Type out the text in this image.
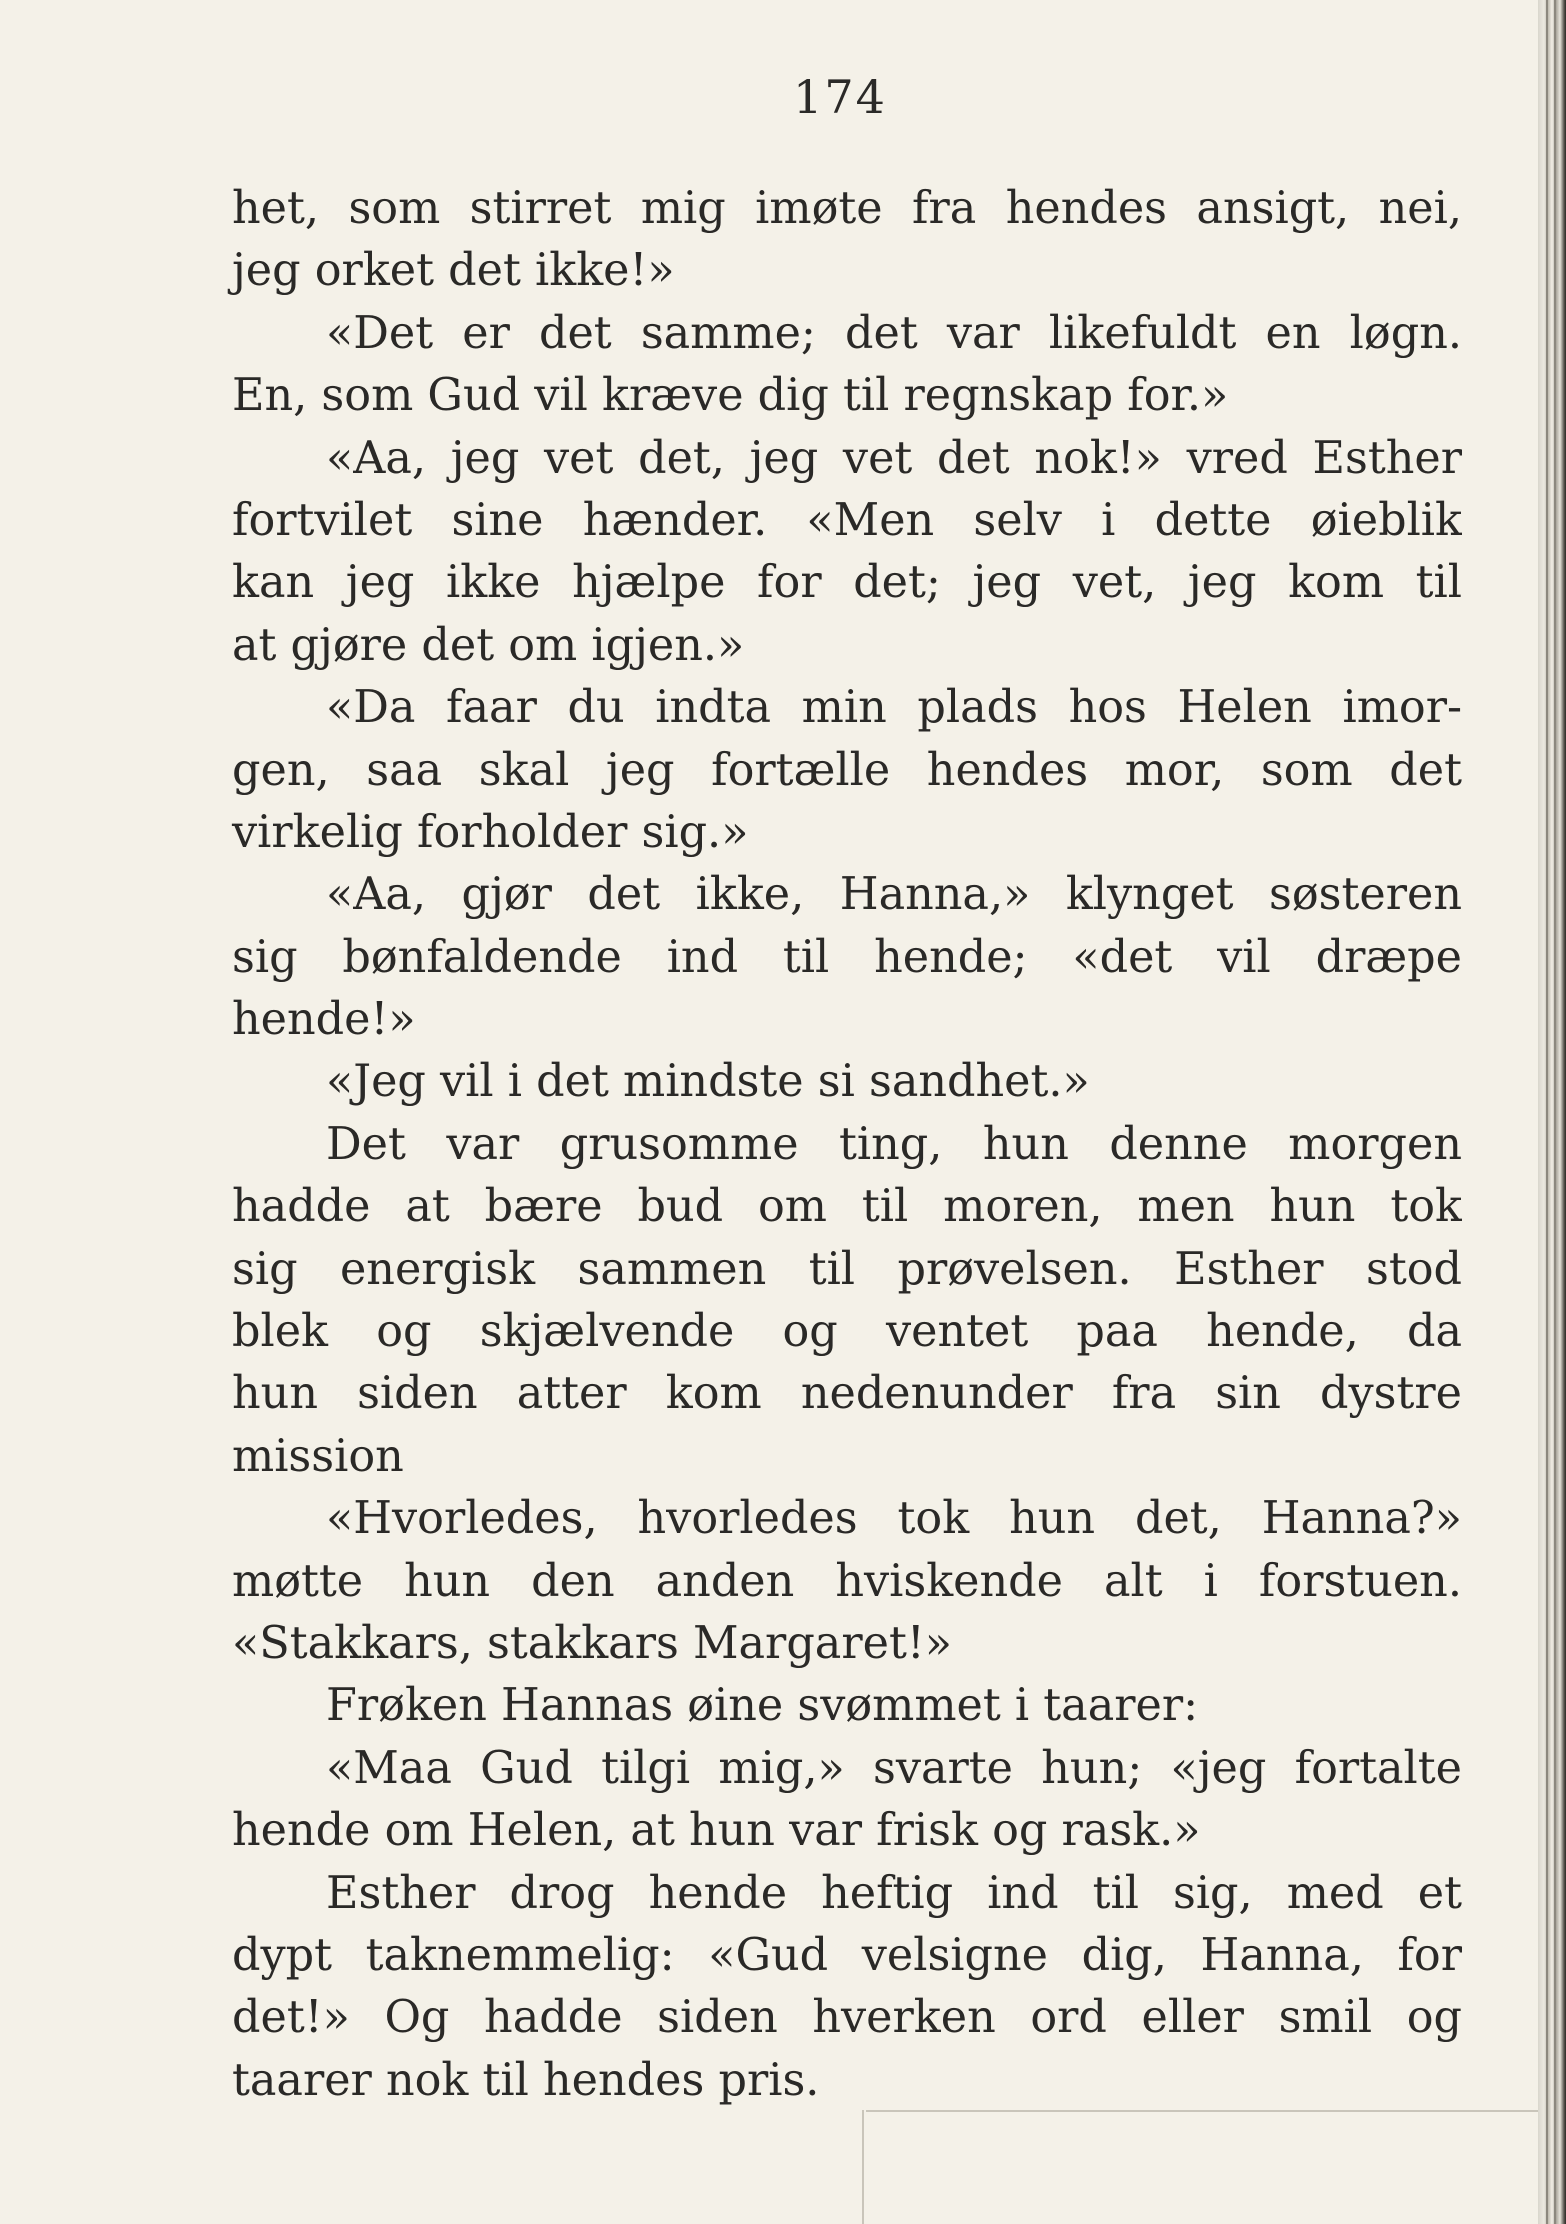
174
het, som stirret mig imøte fra hendes ansigt, nei,
jeg orket det ikke!»
«Det er det samme; det var likefuldt en løgn.
En, som Gud vil kræve dig til regnskap for.»
«Aa, jeg vet det, jeg vet det nok!» vred Esther
fortvilet sine hænder. «Men selv i dette øieblik
kan jeg ikke hjælpe for det; jeg vet, jeg kom til
at gjøre det om igjen.»
«Da faar du indta min plads hos Helen imor-
gen, saa skal jeg fortælle hendes mor, som det
virkelig forholder sig.»
«Aa, gjør det ikke, Hanna,» klynget søsteren
sig bønfaldende ind til hende; «det vil dræpe
hende!»
«Jeg vil i det mindste si sandhet.»
Det var grusomme ting, hun denne morgen
hadde at bære bud om til moren, men hun tok
sig energisk sammen til prøvelsen. Esther stod
blek og skjælvende og ventet paa hende, da
hun siden atter kom nedenunder fra sin dystre
mission
«Hvorledes, hvorledes tok hun det, Hanna?»
møtte hun den anden hviskende alt i forstuen.
«Stakkars, stakkars Margaret!»
Frøken Hannas øine svømmet i taarer:
«Maa Gud tilgi mig,» svarte hun; «jeg fortalte
hende om Helen, at hun var frisk og rask.»
Esther drog hende heftig ind til sig, med et
dypt taknemmelig: «Gud velsigne dig, Hanna, for
det!» Og hadde siden hverken ord eller smil og
taarer nok til hendes pris.
